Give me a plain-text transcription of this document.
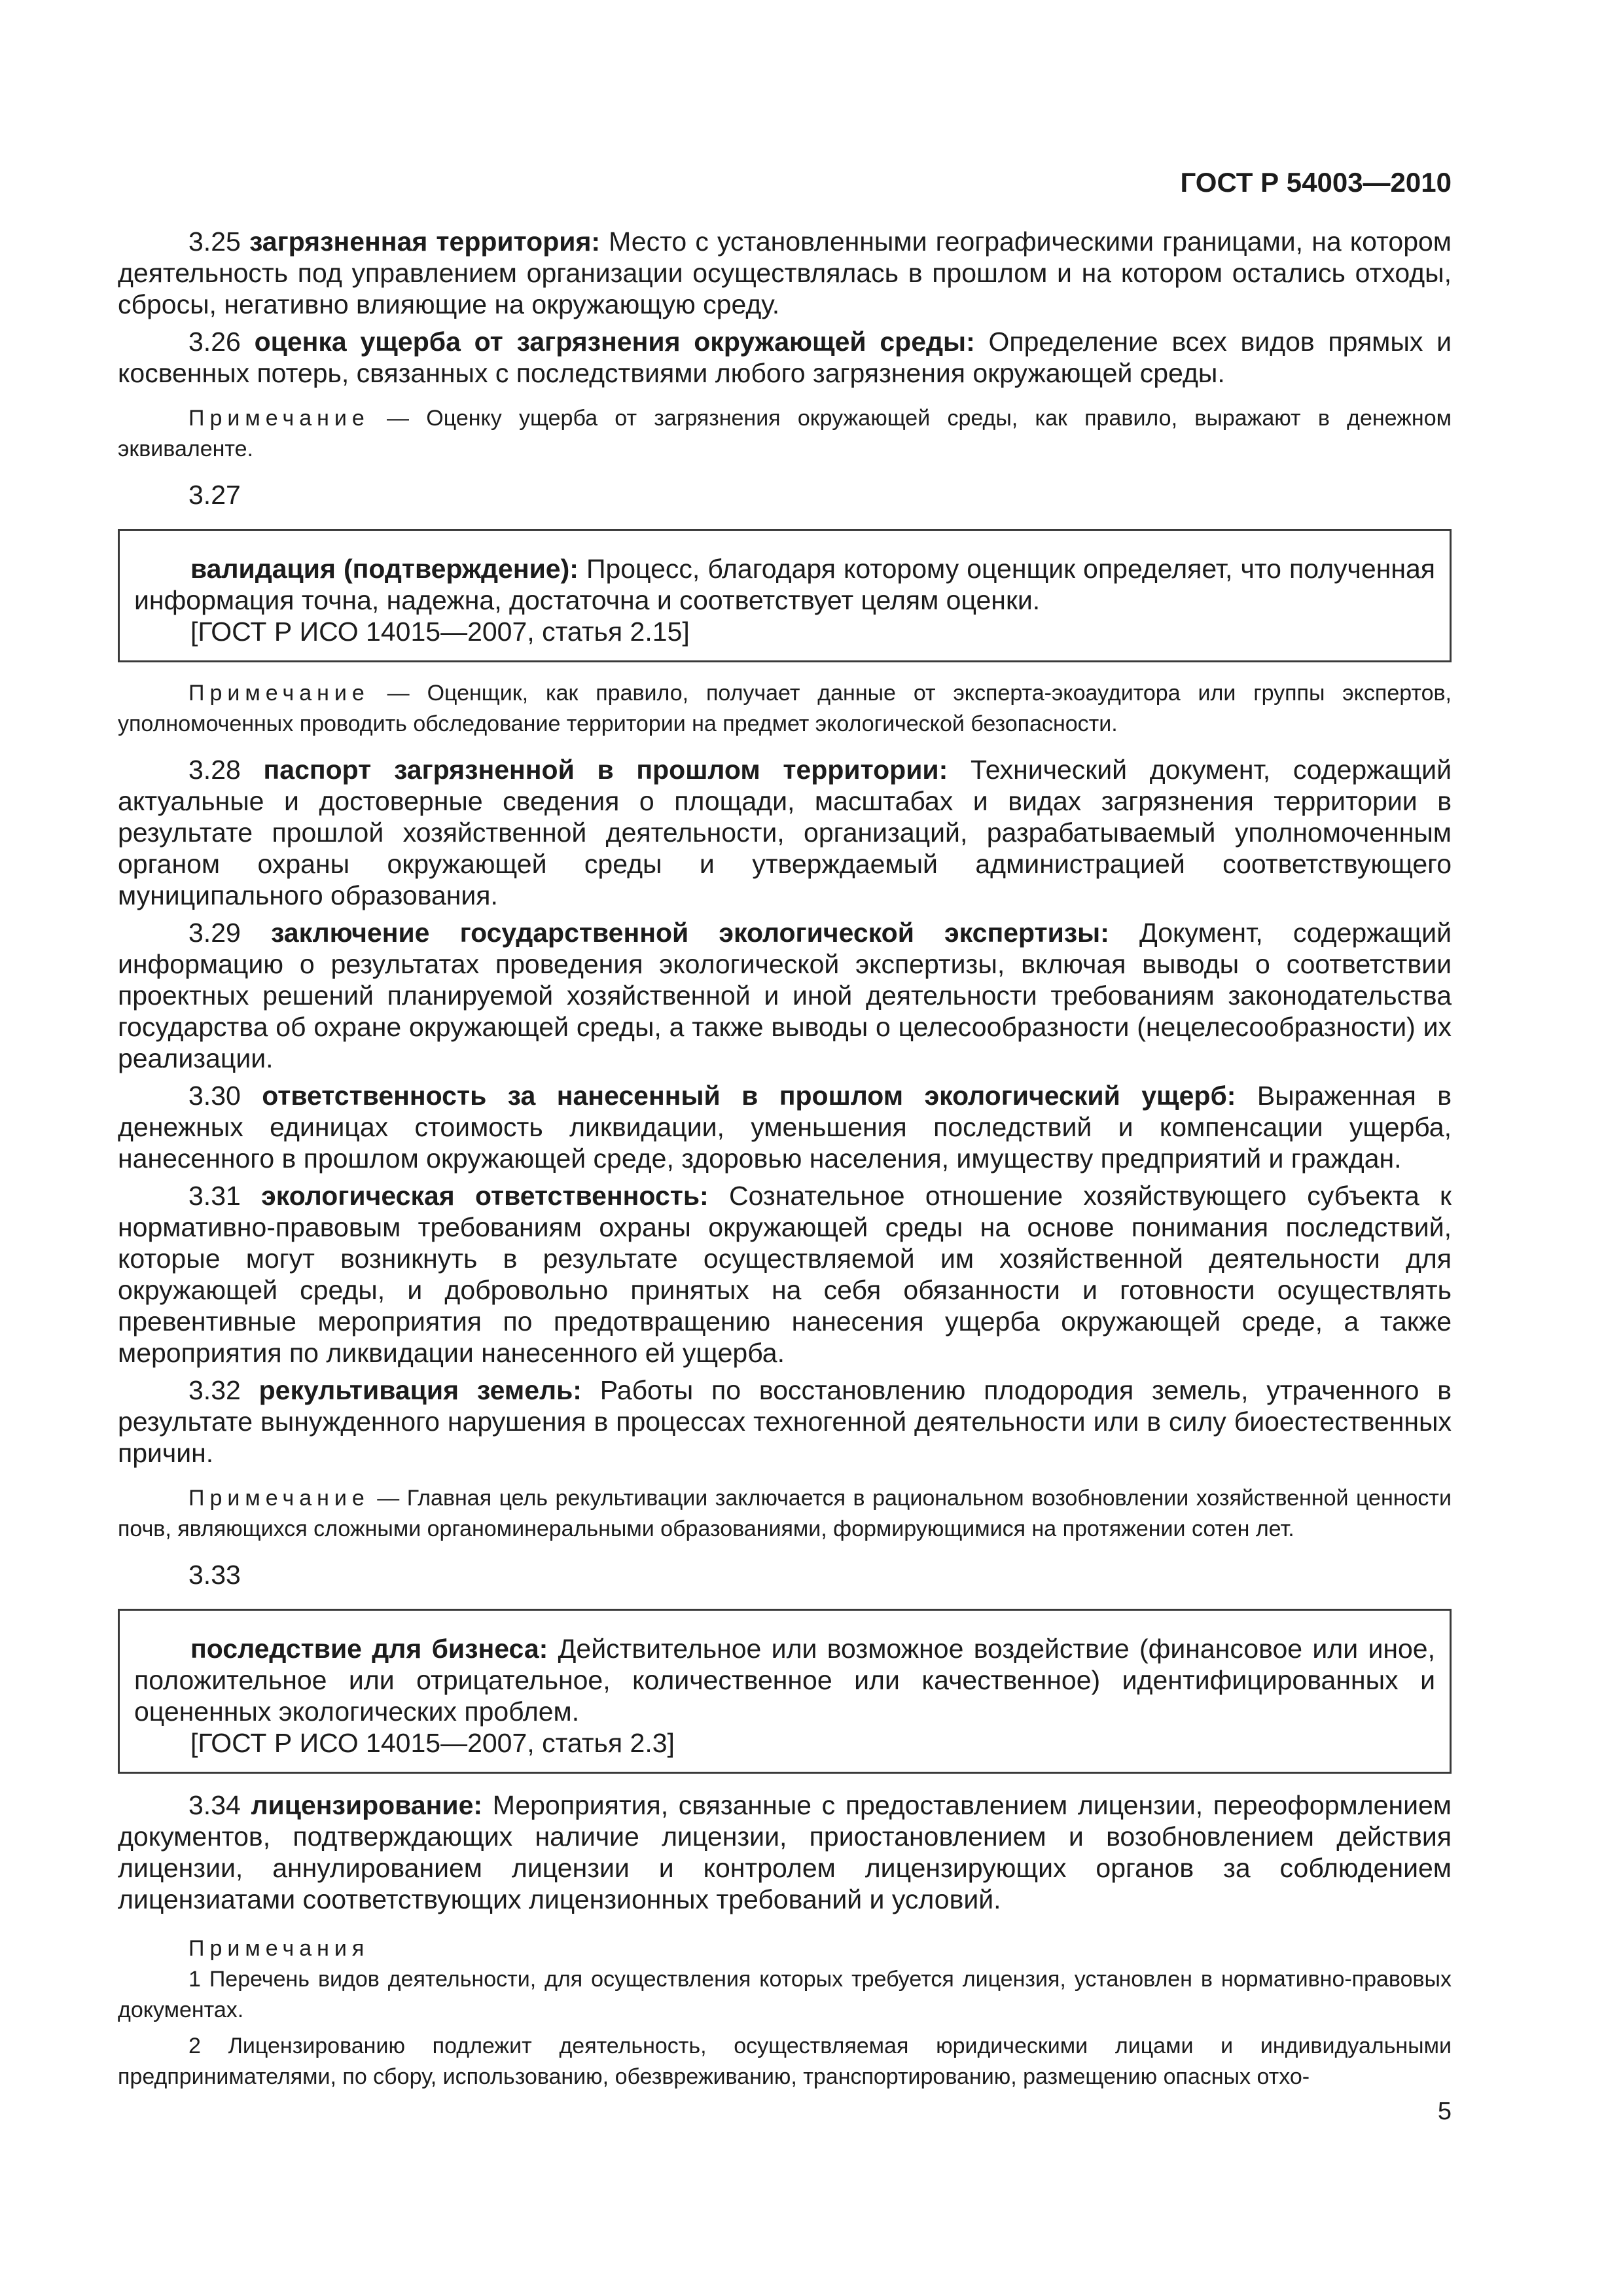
ГОСТ Р 54003—2010
3.25 загрязненная территория: Место с установленными географическими границами, на котором деятельность под управлением организации осуществлялась в прошлом и на котором остались отходы, сбросы, негативно влияющие на окружающую среду.
3.26 оценка ущерба от загрязнения окружающей среды: Определение всех видов прямых и косвенных потерь, связанных с последствиями любого загрязнения окружающей среды.
Примечание — Оценку ущерба от загрязнения окружающей среды, как правило, выражают в денежном эквиваленте.
3.27
валидация (подтверждение): Процесс, благодаря которому оценщик определяет, что полученная информация точна, надежна, достаточна и соответствует целям оценки.
[ГОСТ Р ИСО 14015—2007, статья 2.15]
Примечание — Оценщик, как правило, получает данные от эксперта-экоаудитора или группы экспертов, уполномоченных проводить обследование территории на предмет экологической безопасности.
3.28 паспорт загрязненной в прошлом территории: Технический документ, содержащий актуальные и достоверные сведения о площади, масштабах и видах загрязнения территории в результате прошлой хозяйственной деятельности, организаций, разрабатываемый уполномоченным органом охраны окружающей среды и утверждаемый администрацией соответствующего муниципального образования.
3.29 заключение государственной экологической экспертизы: Документ, содержащий информацию о результатах проведения экологической экспертизы, включая выводы о соответствии проектных решений планируемой хозяйственной и иной деятельности требованиям законодательства государства об охране окружающей среды, а также выводы о целесообразности (нецелесообразности) их реализации.
3.30 ответственность за нанесенный в прошлом экологический ущерб: Выраженная в денежных единицах стоимость ликвидации, уменьшения последствий и компенсации ущерба, нанесенного в прошлом окружающей среде, здоровью населения, имуществу предприятий и граждан.
3.31 экологическая ответственность: Сознательное отношение хозяйствующего субъекта к нормативно-правовым требованиям охраны окружающей среды на основе понимания последствий, которые могут возникнуть в результате осуществляемой им хозяйственной деятельности для окружающей среды, и добровольно принятых на себя обязанности и готовности осуществлять превентивные мероприятия по предотвращению нанесения ущерба окружающей среде, а также мероприятия по ликвидации нанесенного ей ущерба.
3.32 рекультивация земель: Работы по восстановлению плодородия земель, утраченного в результате вынужденного нарушения в процессах техногенной деятельности или в силу биоестественных причин.
Примечание — Главная цель рекультивации заключается в рациональном возобновлении хозяйственной ценности почв, являющихся сложными органоминеральными образованиями, формирующимися на протяжении сотен лет.
3.33
последствие для бизнеса: Действительное или возможное воздействие (финансовое или иное, положительное или отрицательное, количественное или качественное) идентифицированных и оцененных экологических проблем.
[ГОСТ Р ИСО 14015—2007, статья 2.3]
3.34 лицензирование: Мероприятия, связанные с предоставлением лицензии, переоформлением документов, подтверждающих наличие лицензии, приостановлением и возобновлением действия лицензии, аннулированием лицензии и контролем лицензирующих органов за соблюдением лицензиатами соответствующих лицензионных требований и условий.
Примечания
1 Перечень видов деятельности, для осуществления которых требуется лицензия, установлен в нормативно-правовых документах.
2 Лицензированию подлежит деятельность, осуществляемая юридическими лицами и индивидуальными предпринимателями, по сбору, использованию, обезвреживанию, транспортированию, размещению опасных отхо-
5
